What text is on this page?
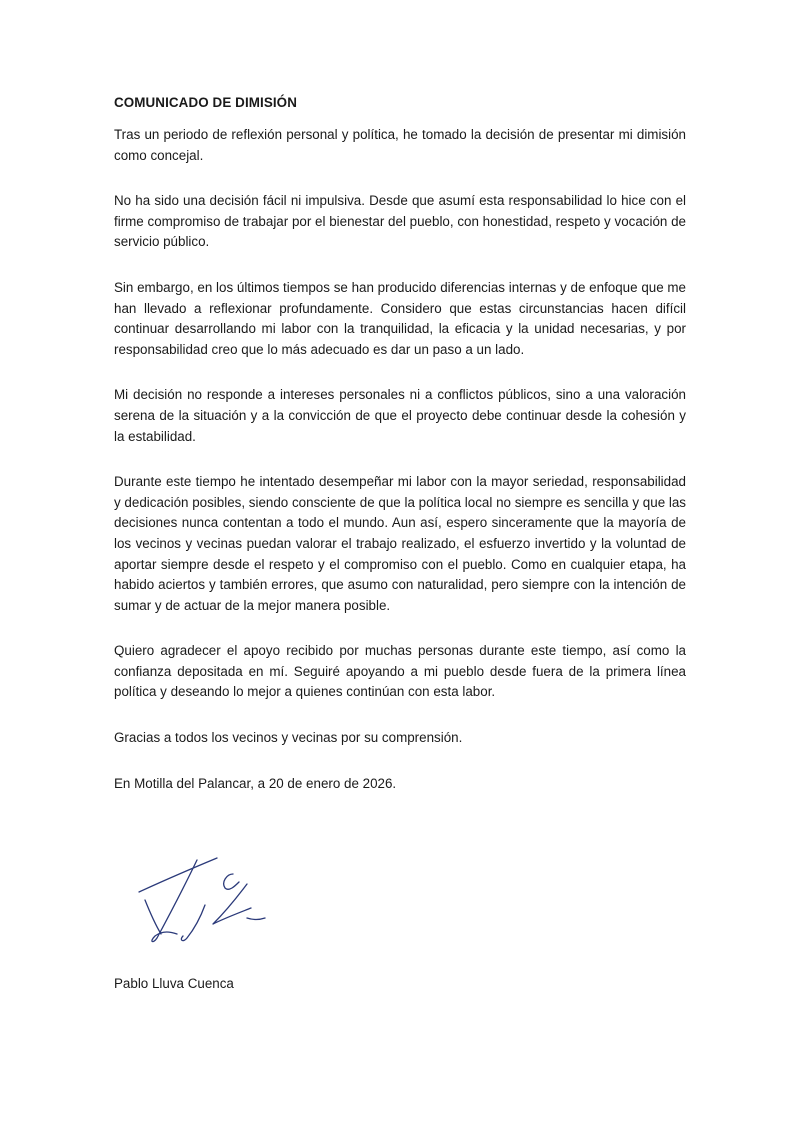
COMUNICADO DE DIMISIÓN

Tras un periodo de reflexión personal y política, he tomado la decisión de presentar mi dimisión como concejal.

No ha sido una decisión fácil ni impulsiva. Desde que asumí esta responsabilidad lo hice con el firme compromiso de trabajar por el bienestar del pueblo, con honestidad, respeto y vocación de servicio público.

Sin embargo, en los últimos tiempos se han producido diferencias internas y de enfoque que me han llevado a reflexionar profundamente. Considero que estas circunstancias hacen difícil continuar desarrollando mi labor con la tranquilidad, la eficacia y la unidad necesarias, y por responsabilidad creo que lo más adecuado es dar un paso a un lado.

Mi decisión no responde a intereses personales ni a conflictos públicos, sino a una valoración serena de la situación y a la convicción de que el proyecto debe continuar desde la cohesión y la estabilidad.

Durante este tiempo he intentado desempeñar mi labor con la mayor seriedad, responsabilidad y dedicación posibles, siendo consciente de que la política local no siempre es sencilla y que las decisiones nunca contentan a todo el mundo. Aun así, espero sinceramente que la mayoría de los vecinos y vecinas puedan valorar el trabajo realizado, el esfuerzo invertido y la voluntad de aportar siempre desde el respeto y el compromiso con el pueblo. Como en cualquier etapa, ha habido aciertos y también errores, que asumo con naturalidad, pero siempre con la intención de sumar y de actuar de la mejor manera posible.

Quiero agradecer el apoyo recibido por muchas personas durante este tiempo, así como la confianza depositada en mí. Seguiré apoyando a mi pueblo desde fuera de la primera línea política y deseando lo mejor a quienes continúan con esta labor.

Gracias a todos los vecinos y vecinas por su comprensión.

En Motilla del Palancar, a 20 de enero de 2026.

Pablo Lluva Cuenca
